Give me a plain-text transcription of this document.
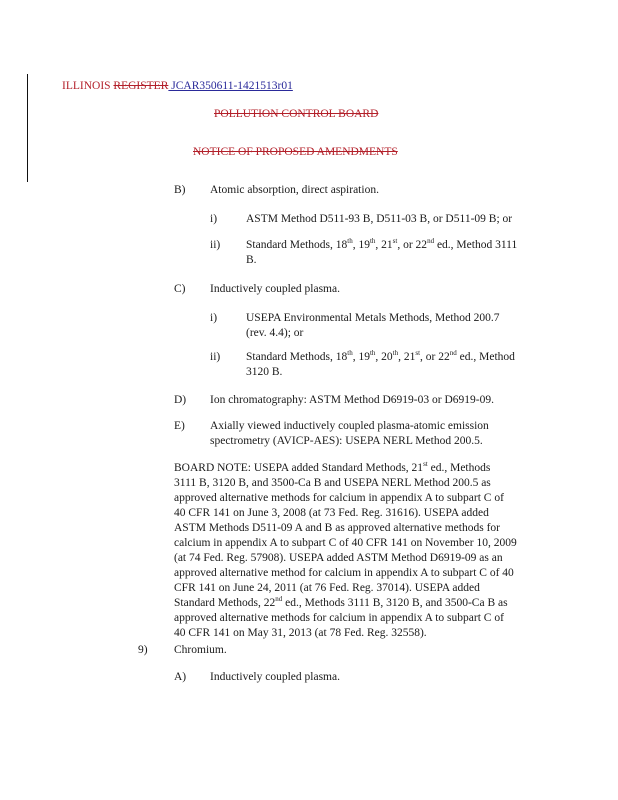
ILLINOIS REGISTER JCAR350611-1421513r01
POLLUTION CONTROL BOARD
NOTICE OF PROPOSED AMENDMENTS
B) Atomic absorption, direct aspiration.
i)	ASTM Method D511-93 B, D511-03 B, or D511-09 B; or
ii) Standard Methods, 18th, 19th, 21st, or 22nd ed., Method 3111
B.
C) Inductively coupled plasma.
i)	USEPA Environmental Metals Methods, Method 200.7
(rev. 4.4); or
ii) Standard Methods, 18th, 19th, 20th, 21st, or 22nd ed., Method
3120 B.
D) Ion chromatography: ASTM Method D6919-03 or D6919-09.
E) Axially viewed inductively coupled plasma-atomic emission
spectrometry (AVICP-AES): USEPA NERL Method 200.5.
BOARD NOTE: USEPA added Standard Methods, 21st ed., Methods
3111 B, 3120 B, and 3500-Ca B and USEPA NERL Method 200.5 as
approved alternative methods for calcium in appendix A to subpart C of
40 CFR 141 on June 3, 2008 (at 73 Fed. Reg. 31616). USEPA added
ASTM Methods D511-09 A and B as approved alternative methods for
calcium in appendix A to subpart C of 40 CFR 141 on November 10, 2009
(at 74 Fed. Reg. 57908). USEPA added ASTM Method D6919-09 as an
approved alternative method for calcium in appendix A to subpart C of 40
CFR 141 on June 24, 2011 (at 76 Fed. Reg. 37014). USEPA added
Standard Methods, 22nd ed., Methods 3111 B, 3120 B, and 3500-Ca B as
approved alternative methods for calcium in appendix A to subpart C of
40 CFR 141 on May 31, 2013 (at 78 Fed. Reg. 32558).
9) Chromium.
A) Inductively coupled plasma.
